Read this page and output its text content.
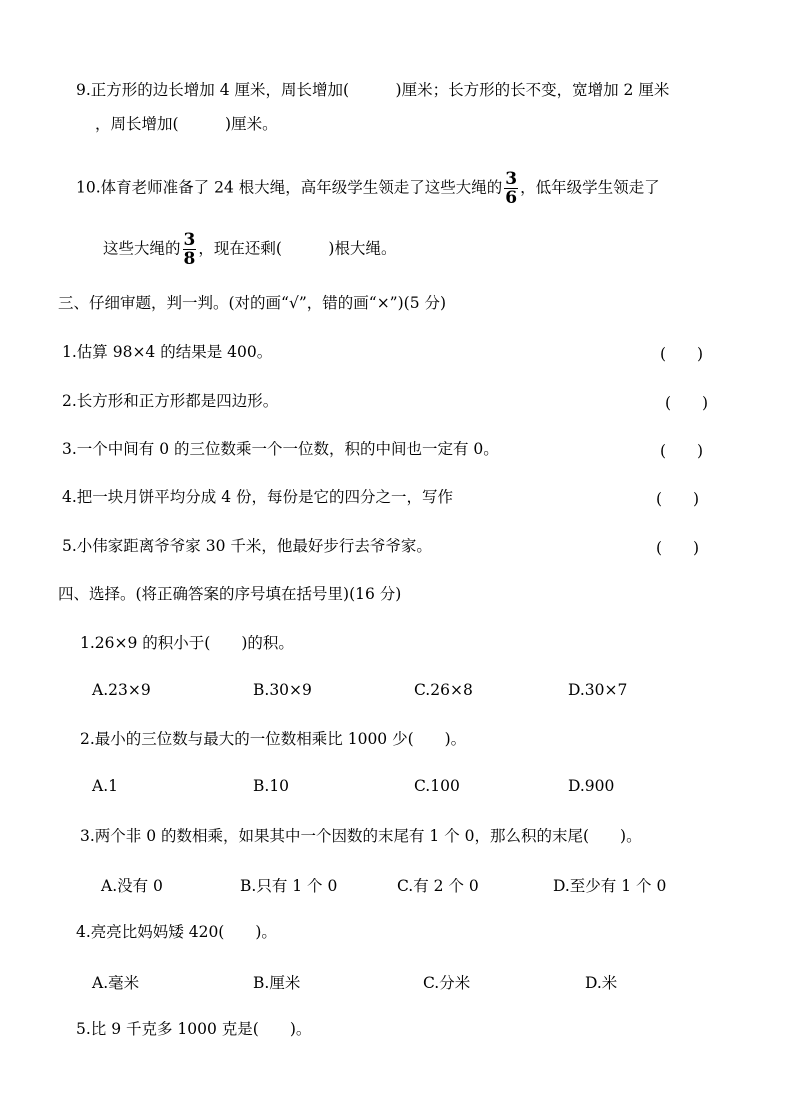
9.正方形的边长增加 4 厘米，周长增加(　　　)厘米；长方形的长不变，宽增加 2 厘米
，周长增加(　　　)厘米。
10.体育老师准备了 24 根大绳，高年级学生领走了这些大绳的 $\frac{3}{6}$ ，低年级学生领走了
这些大绳的 $\frac{3}{8}$ ，现在还剩(　　　)根大绳。
三、仔细审题，判一判。(对的画“√”，错的画“×”)(5 分)
1.估算 98×4 的结果是 400。	(　　)
2.长方形和正方形都是四边形。	(　　)
3.一个中间有 0 的三位数乘一个一位数，积的中间也一定有 0。	(　　)
4.把一块月饼平均分成 4 份，每份是它的四分之一，写作	(　　)
5.小伟家距离爷爷家 30 千米，他最好步行去爷爷家。	(　　)
四、选择。(将正确答案的序号填在括号里)(16 分)
1.26×9 的积小于(　　)的积。
A.23×9	B.30×9	C.26×8	D.30×7
2.最小的三位数与最大的一位数相乘比 1000 少(　　)。
A.1	B.10	C.100	D.900
3.两个非 0 的数相乘，如果其中一个因数的末尾有 1 个 0，那么积的末尾(　　)。
A.没有 0	B.只有 1 个 0	C.有 2 个 0	D.至少有 1 个 0
4.亮亮比妈妈矮 420(　　)。
A.毫米	B.厘米	C.分米	D.米
5.比 9 千克多 1000 克是(　　)。
